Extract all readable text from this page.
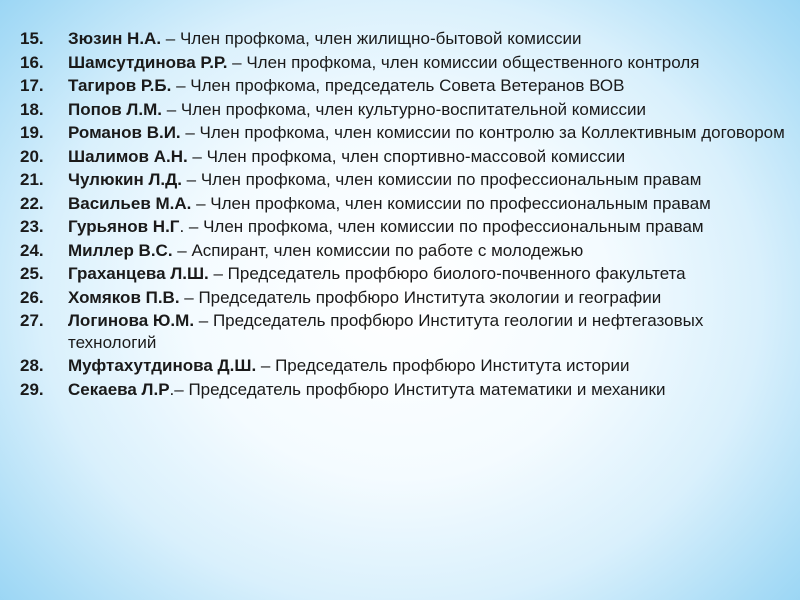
15.	Зюзин Н.А. – Член профкома, член жилищно-бытовой комиссии
16.	Шамсутдинова Р.Р. – Член профкома, член комиссии общественного контроля
17.	Тагиров Р.Б. – Член профкома, председатель Совета Ветеранов ВОВ
18.	Попов Л.М. – Член профкома, член культурно-воспитательной комиссии
19.	Романов В.И. – Член профкома, член комиссии по контролю за Коллективным договором
20.	Шалимов А.Н. – Член профкома, член спортивно-массовой комиссии
21.	Чулюкин Л.Д. – Член профкома, член комиссии по профессиональным правам
22.	Васильев М.А. – Член профкома, член комиссии по профессиональным правам
23.	Гурьянов Н.Г. – Член профкома, член комиссии по профессиональным правам
24.	Миллер В.С. – Аспирант, член комиссии по работе с молодежью
25.	Граханцева Л.Ш. – Председатель профбюро биолого-почвенного факультета
26.	Хомяков П.В. – Председатель профбюро Института экологии и географии
27.	Логинова Ю.М. – Председатель профбюро Института геологии и нефтегазовых технологий
28.	Муфтахутдинова Д.Ш. – Председатель профбюро Института истории
29.	Секаева Л.Р.– Председатель профбюро Института математики и механики
